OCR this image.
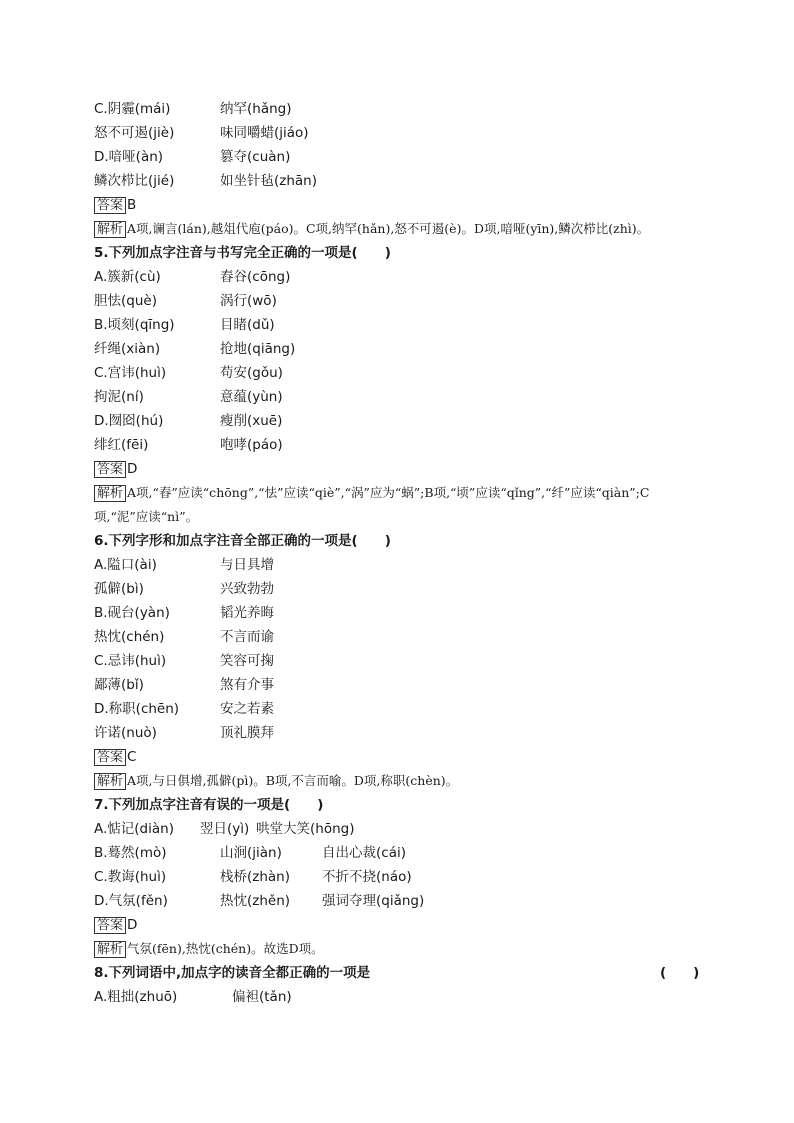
C.阴霾(mái)	纳罕(hǎng)
怒不可遏(jiè)	味同嚼蜡(jiáo)
D.喑哑(àn)	篡夺(cuàn)
鳞次栉比(jié)	如坐针毡(zhān)
答案 B
解析 A项,谰言(lán),越俎代庖(páo)。C项,纳罕(hǎn),怒不可遏(è)。D项,喑哑(yīn),鳞次栉比(zhì)。
5.下列加点字注音与书写完全正确的一项是(　　)
A.簇新(cù)	舂谷(cōng)
胆怯(què)	涡行(wō)
B.顷刻(qīng)	目睹(dǔ)
纤绳(xiàn)	抢地(qiāng)
C.宫讳(huì)	苟安(gǒu)
拘泥(ní)	意蕴(yùn)
D.囫囵(hú)	瘦削(xuē)
绯红(fēi)	咆哮(páo)
答案 D
解析 A项,“舂”应读“chōng”,“怯”应读“qiè”,“涡”应为“蜗”;B项,“顷”应读“qǐng”,“纤”应读“qiàn”;C
项,“泥”应读“nì”。
6.下列字形和加点字注音全部正确的一项是(　　)
A.隘口(ài)	与日具增
孤僻(bì)	兴致勃勃
B.砚台(yàn)	韬光养晦
热忱(chén)	不言而谕
C.忌讳(huì)	笑容可掬
鄙薄(bǐ)	煞有介事
D.称职(chēn)	安之若素
许诺(nuò)	顶礼膜拜
答案 C
解析 A项,与日俱增,孤僻(pì)。B项,不言而喻。D项,称职(chèn)。
7.下列加点字注音有误的一项是(　　)
A.惦记(diàn) 翌日(yì) 哄堂大笑(hōng)
B.蓦然(mò)	山涧(jiàn)	自出心裁(cái)
C.教诲(huì)	栈桥(zhàn) 不折不挠(náo)
D.气氛(fěn)	热忱(zhěn) 强词夺理(qiǎng)
答案 D
解析 气氛(fēn),热忱(chén)。故选D项。
8.下列词语中,加点字的读音全都正确的一项是	(　　)
A.粗拙(zhuō)	偏袒(tǎn)
